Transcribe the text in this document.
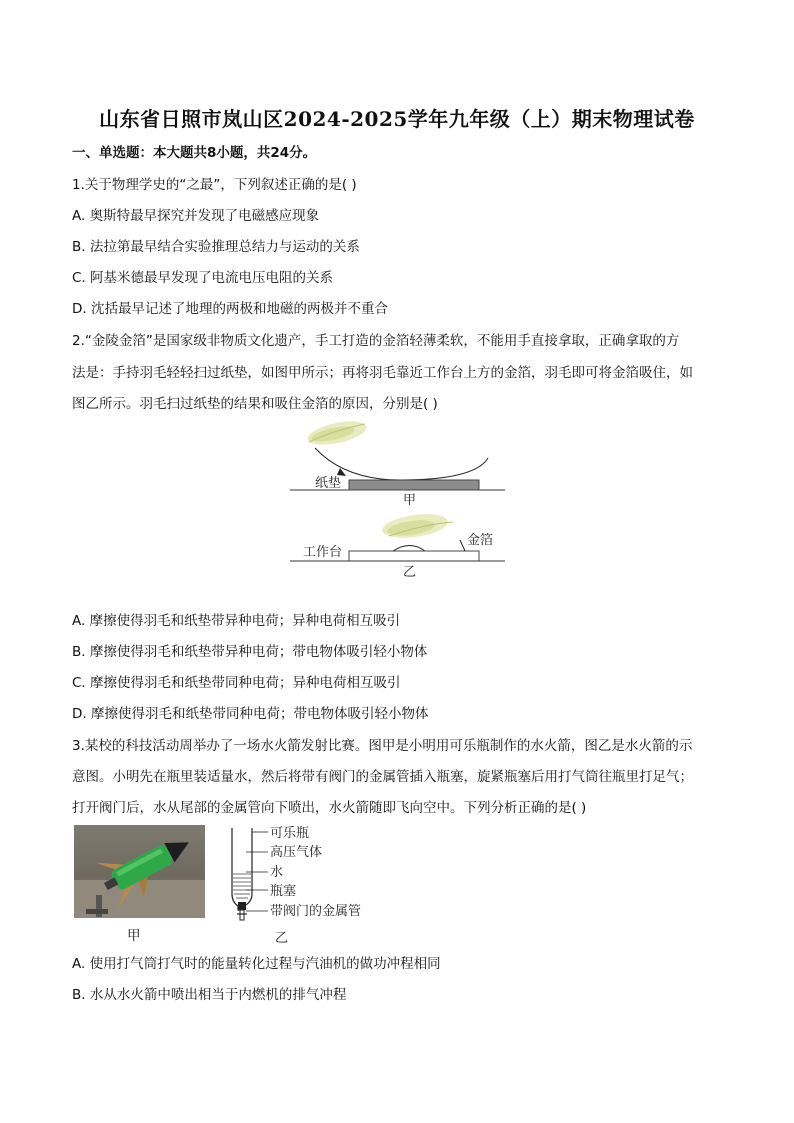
山东省日照市岚山区2024-2025学年九年级（上）期末物理试卷
一、单选题：本大题共8小题，共24分。
1.关于物理学史的“之最”，下列叙述正确的是( )
A. 奥斯特最早探究并发现了电磁感应现象
B. 法拉第最早结合实验推理总结力与运动的关系
C. 阿基米德最早发现了电流电压电阻的关系
D. 沈括最早记述了地理的两极和地磁的两极并不重合
2.“金陵金箔”是国家级非物质文化遗产，手工打造的金箔轻薄柔软，不能用手直接拿取，正确拿取的方
法是：手持羽毛轻轻扫过纸垫，如图甲所示；再将羽毛靠近工作台上方的金箔，羽毛即可将金箔吸住，如
图乙所示。羽毛扫过纸垫的结果和吸住金箔的原因，分别是( )
纸垫
甲
工作台
金箔
乙
A. 摩擦使得羽毛和纸垫带异种电荷；异种电荷相互吸引
B. 摩擦使得羽毛和纸垫带异种电荷；带电物体吸引轻小物体
C. 摩擦使得羽毛和纸垫带同种电荷；异种电荷相互吸引
D. 摩擦使得羽毛和纸垫带同种电荷；带电物体吸引轻小物体
3.某校的科技活动周举办了一场水火箭发射比赛。图甲是小明用可乐瓶制作的水火箭，图乙是水火箭的示
意图。小明先在瓶里装适量水，然后将带有阀门的金属管插入瓶塞，旋紧瓶塞后用打气筒往瓶里打足气；
打开阀门后，水从尾部的金属管向下喷出，水火箭随即飞向空中。下列分析正确的是( )
甲
可乐瓶
高压气体
水
瓶塞
带阀门的金属管
乙
A. 使用打气筒打气时的能量转化过程与汽油机的做功冲程相同
B. 水从水火箭中喷出相当于内燃机的排气冲程
